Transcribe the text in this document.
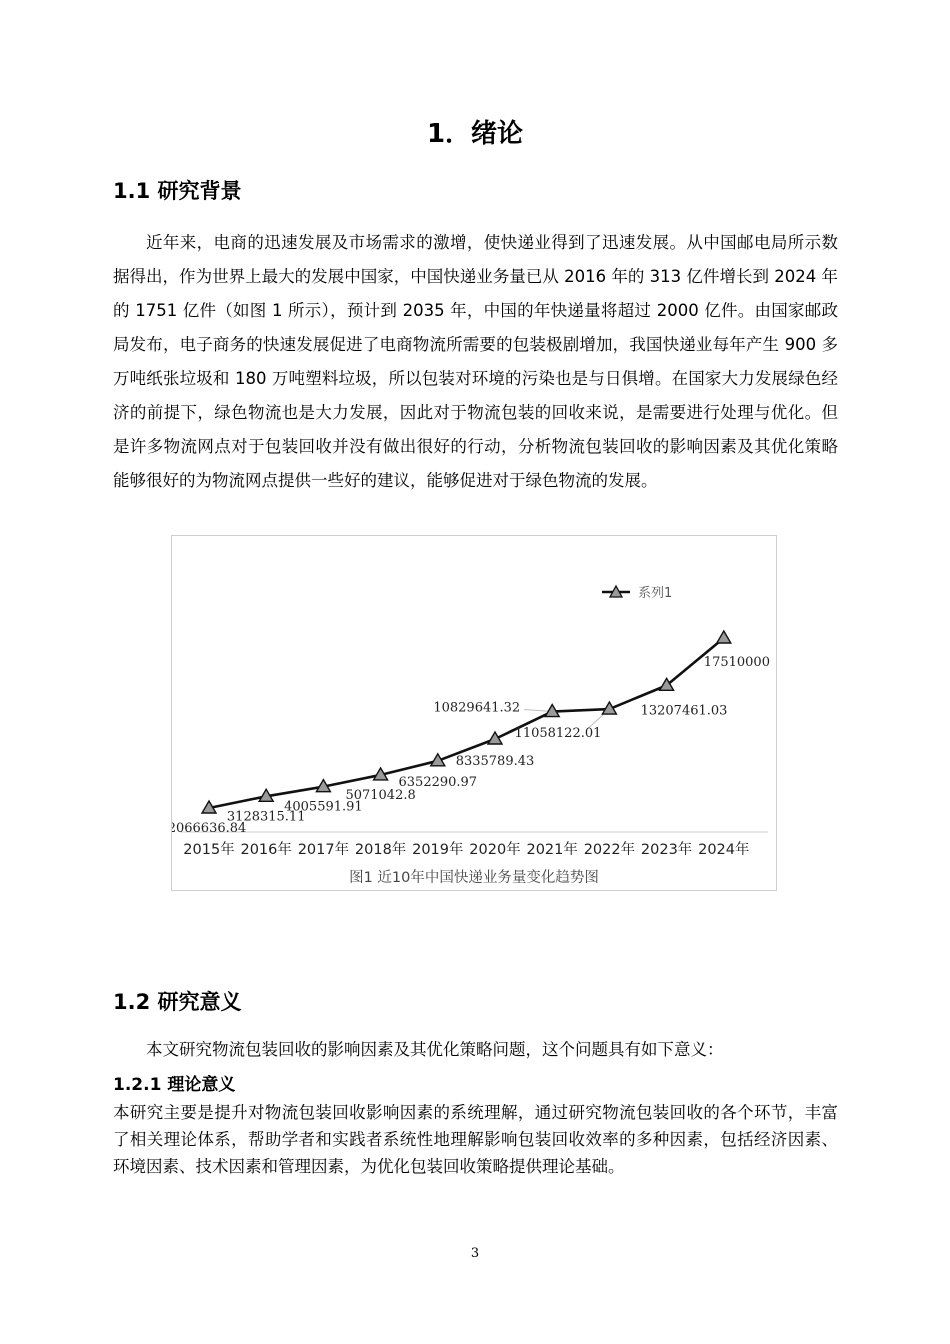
1．绪论
1.1 研究背景

近年来，电商的迅速发展及市场需求的激增，使快递业得到了迅速发展。从中国邮电局所示数据得出，作为世界上最大的发展中国家，中国快递业务量已从 2016 年的 313 亿件增长到 2024 年的 1751 亿件（如图 1 所示），预计到 2035 年，中国的年快递量将超过 2000 亿件。由国家邮政局发布，电子商务的快速发展促进了电商物流所需要的包装极剧增加，我国快递业每年产生 900 多万吨纸张垃圾和 180 万吨塑料垃圾，所以包装对环境的污染也是与日俱增。在国家大力发展绿色经济的前提下，绿色物流也是大力发展，因此对于物流包装的回收来说，是需要进行处理与优化。但是许多物流网点对于包装回收并没有做出很好的行动，分析物流包装回收的影响因素及其优化策略能够很好的为物流网点提供一些好的建议，能够促进对于绿色物流的发展。

系列1
2066636.84
3128315.11
4005591.91
5071042.8
6352290.97
8335789.43
10829641.32
11058122.01
13207461.03
17510000
2015年 2016年 2017年 2018年 2019年 2020年 2021年 2022年 2023年 2024年
图1 近10年中国快递业务量变化趋势图
1.2 研究意义

本文研究物流包装回收的影响因素及其优化策略问题，这个问题具有如下意义：

1.2.1 理论意义

本研究主要是提升对物流包装回收影响因素的系统理解，通过研究物流包装回收的各个环节，丰富了相关理论体系，帮助学者和实践者系统性地理解影响包装回收效率的多种因素，包括经济因素、环境因素、技术因素和管理因素，为优化包装回收策略提供理论基础。

3
